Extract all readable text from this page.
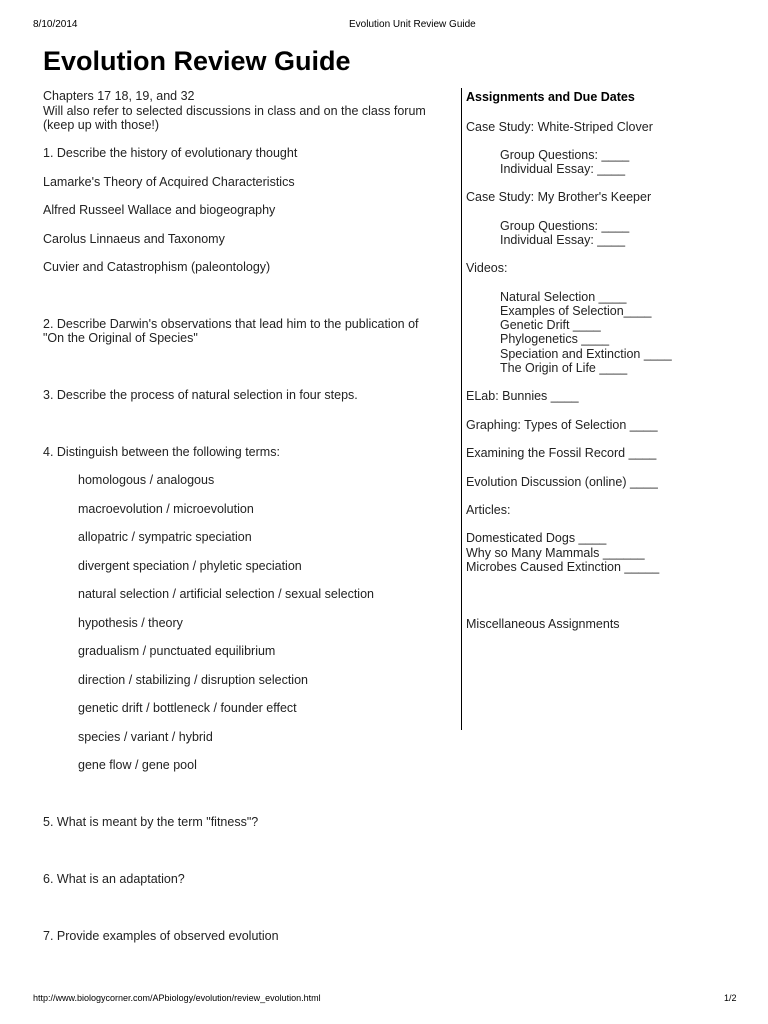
8/10/2014	Evolution Unit Review Guide
Evolution Review Guide
Chapters 17 18, 19, and 32
Will also refer to selected discussions in class and on the class forum
(keep up with those!)
1. Describe the history of evolutionary thought
Lamarke's Theory of Acquired Characteristics
Alfred Russeel Wallace and biogeography
Carolus Linnaeus and Taxonomy
Cuvier and Catastrophism (paleontology)
2. Describe Darwin's observations that lead him to the publication of
"On the Original of Species"
3. Describe the process of natural selection in four steps.
4. Distinguish between the following terms:
homologous / analogous
macroevolution / microevolution
allopatric / sympatric speciation
divergent speciation / phyletic speciation
natural selection / artificial selection / sexual selection
hypothesis / theory
gradualism / punctuated equilibrium
direction / stabilizing / disruption selection
genetic drift / bottleneck / founder effect
species / variant / hybrid
gene flow / gene pool
5. What is meant by the term "fitness"?
6. What is an adaptation?
7. Provide examples of observed evolution
Assignments and Due Dates
Case Study: White-Striped Clover
Group Questions: ____
Individual Essay: ____
Case Study: My Brother's Keeper
Group Questions: ____
Individual Essay: ____
Videos:
Natural Selection ____
Examples of Selection____
Genetic Drift ____
Phylogenetics ____
Speciation and Extinction ____
The Origin of Life ____
ELab: Bunnies ____
Graphing: Types of Selection ____
Examining the Fossil Record ____
Evolution Discussion (online) ____
Articles:
Domesticated Dogs ____
Why so Many Mammals ______
Microbes Caused Extinction _____
Miscellaneous Assignments
http://www.biologycorner.com/APbiology/evolution/review_evolution.html	1/2
